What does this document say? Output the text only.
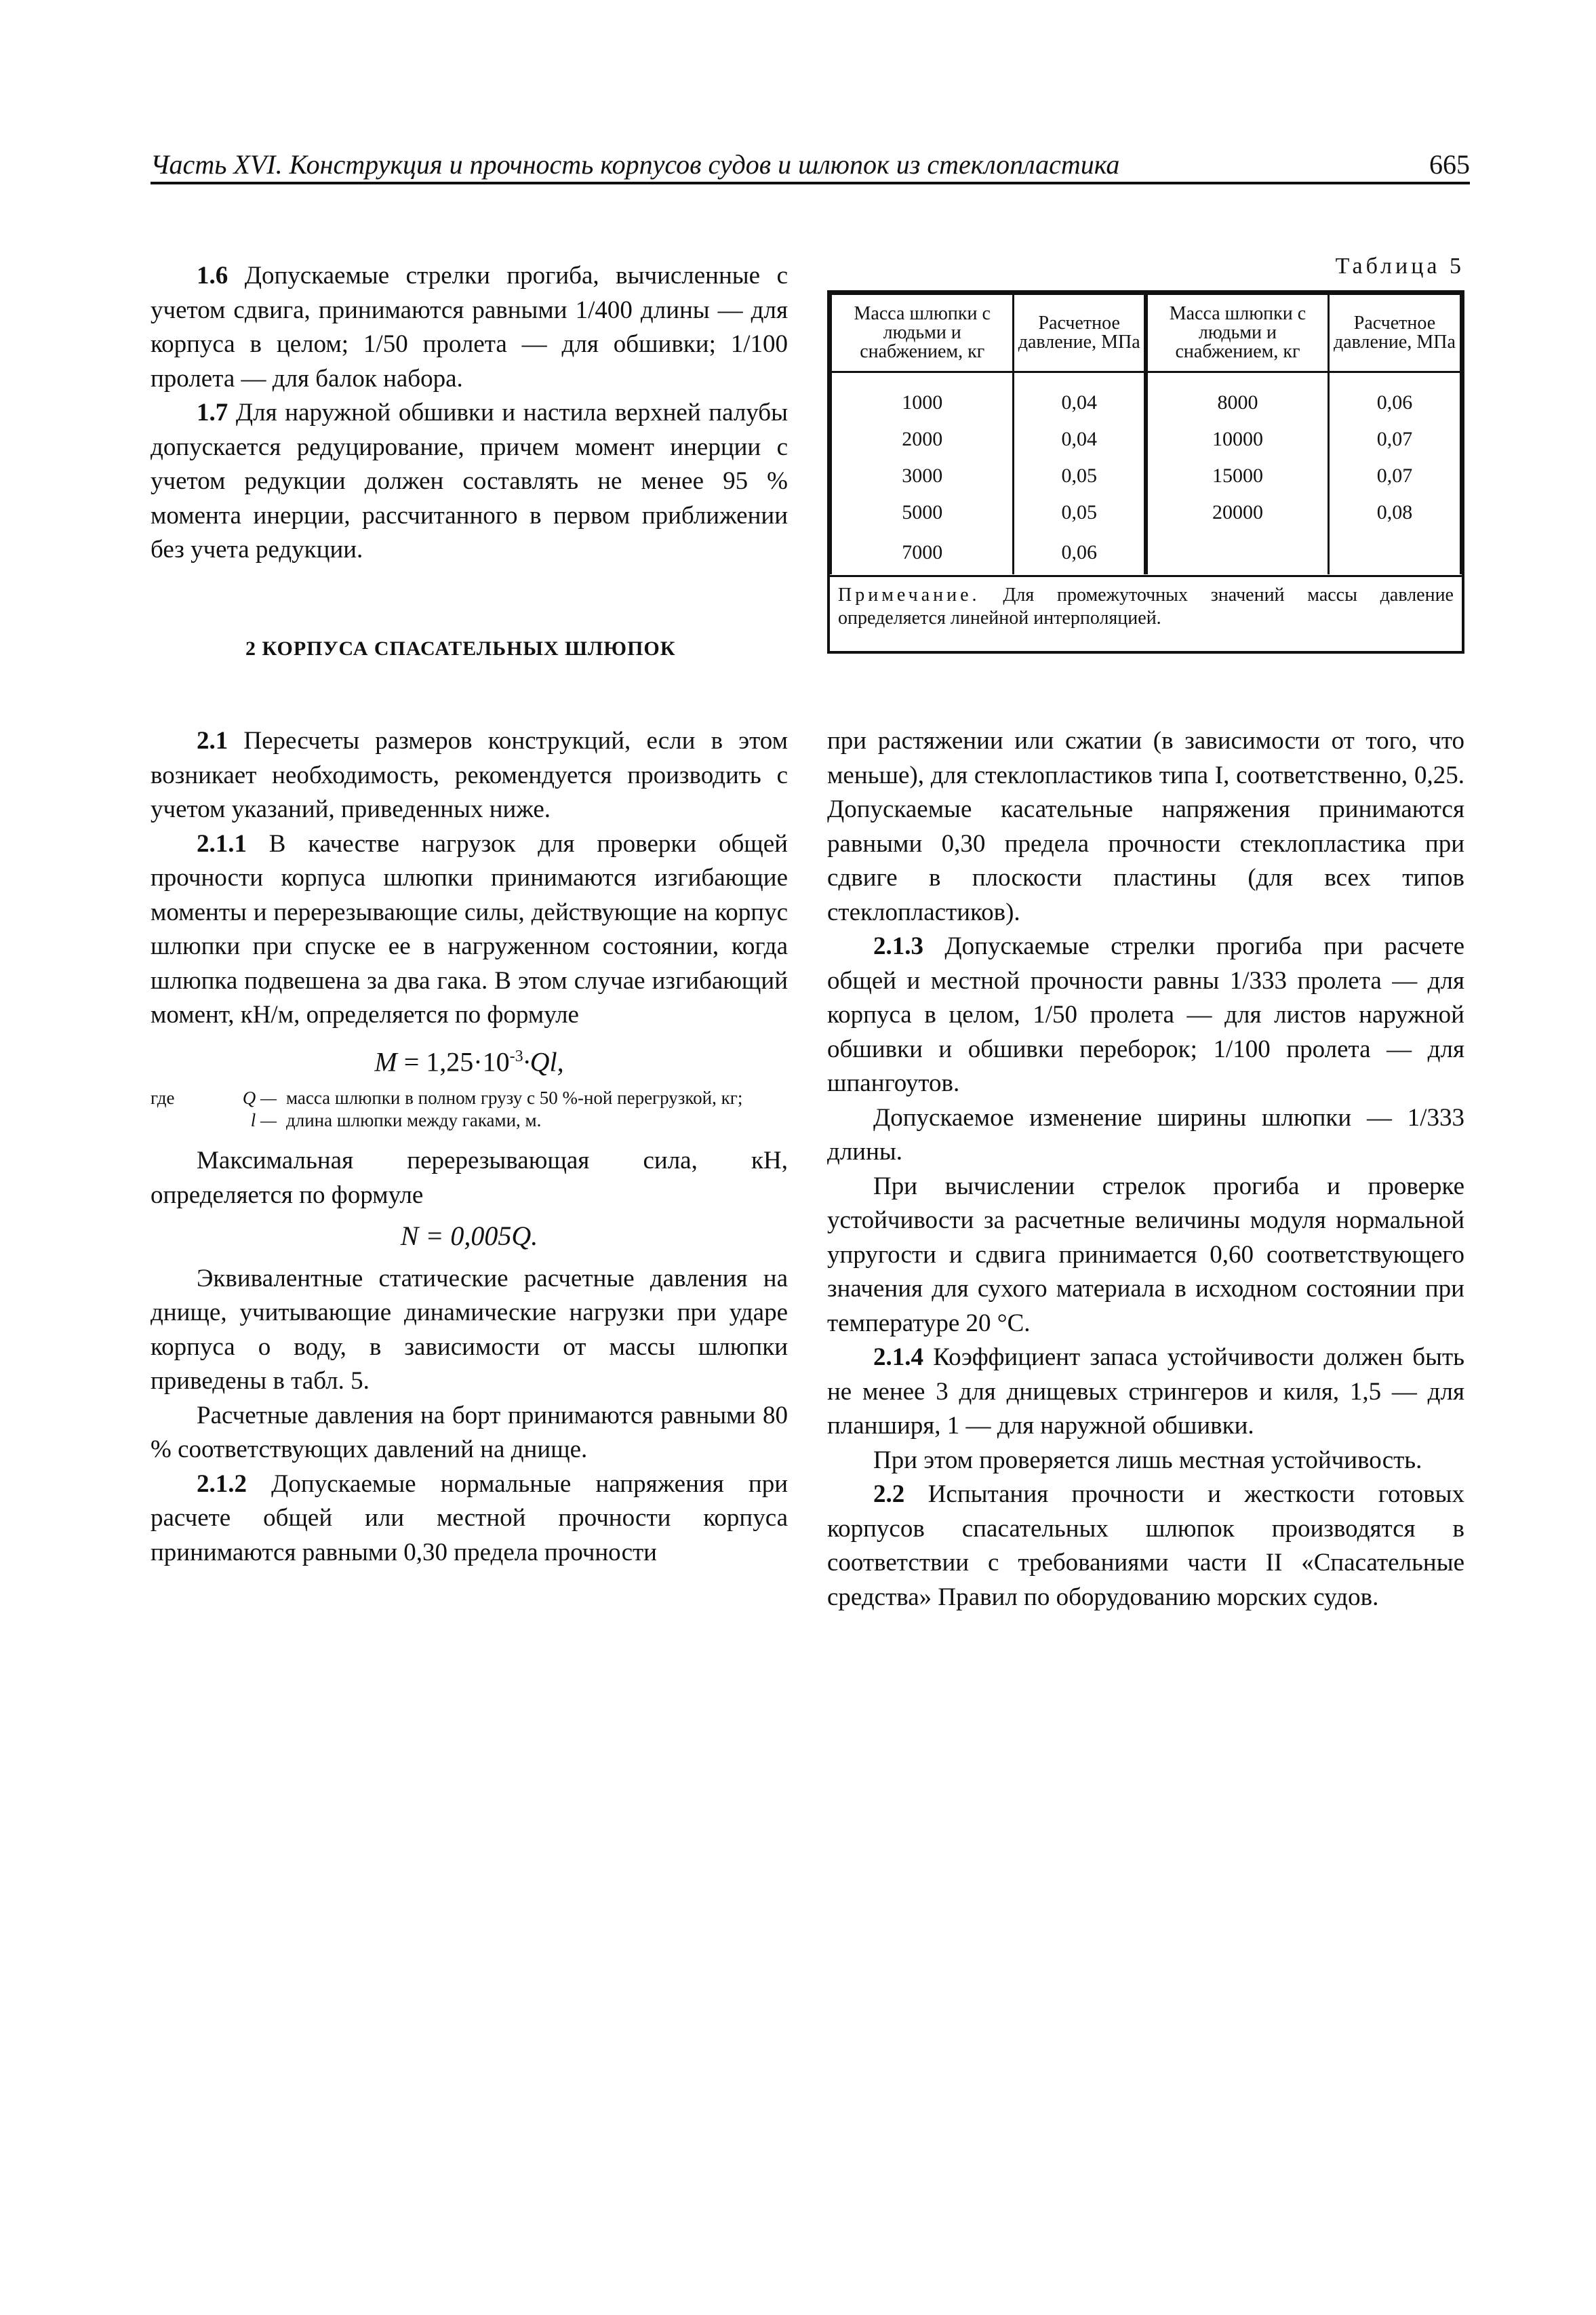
Часть XVI. Конструкция и прочность корпусов судов и шлюпок из стеклопластика	665

1.6 Допускаемые стрелки прогиба, вычисленные с учетом сдвига, принимаются равными 1/400 длины — для корпуса в целом; 1/50 пролета — для обшивки; 1/100 пролета — для балок набора.

1.7 Для наружной обшивки и настила верхней палубы допускается редуцирование, причем момент инерции с учетом редукции должен составлять не менее 95 % момента инерции, рассчитанного в первом приближении без учета редукции.

2 КОРПУСА СПАСАТЕЛЬНЫХ ШЛЮПОК
Таблица 5
Масса шлюпки с людьми и снабжением, кг	Расчетное давление, МПа	Масса шлюпки с людьми и снабжением, кг	Расчетное давление, МПа
1000	0,04	8000	0,06
2000	0,04	10000	0,07
3000	0,05	15000	0,07
5000	0,05	20000	0,08
7000	0,06		
Примечание. Для промежуточных значений массы давление определяется линейной интерполяцией.

2.1 Пересчеты размеров конструкций, если в этом возникает необходимость, рекомендуется производить с учетом указаний, приведенных ниже.

2.1.1 В качестве нагрузок для проверки общей прочности корпуса шлюпки принимаются изгибающие моменты и перерезывающие силы, действующие на корпус шлюпки при спуске ее в нагруженном состоянии, когда шлюпка подвешена за два гака. В этом случае изгибающий момент, кН/м, определяется по формуле

$M = 1,25\cdot 10^{-3}\cdot Ql$,

где	Q — масса шлюпки в полном грузу с 50 %-ной перегрузкой, кг;
l — длина шлюпки между гаками, м.

Максимальная перерезывающая сила, кН, определяется по формуле

N = 0,005Q.

Эквивалентные статические расчетные давления на днище, учитывающие динамические нагрузки при ударе корпуса о воду, в зависимости от массы шлюпки приведены в табл. 5.

Расчетные давления на борт принимаются равными 80 % соответствующих давлений на днище.

2.1.2 Допускаемые нормальные напряжения при расчете общей или местной прочности корпуса принимаются равными 0,30 предела прочности

при растяжении или сжатии (в зависимости от того, что меньше), для стеклопластиков типа I, соответственно, 0,25. Допускаемые касательные напряжения принимаются равными 0,30 предела прочности стеклопластика при сдвиге в плоскости пластины (для всех типов стеклопластиков).

2.1.3 Допускаемые стрелки прогиба при расчете общей и местной прочности равны 1/333 пролета — для корпуса в целом, 1/50 пролета — для листов наружной обшивки и обшивки переборок; 1/100 пролета — для шпангоутов.

Допускаемое изменение ширины шлюпки — 1/333 длины.

При вычислении стрелок прогиба и проверке устойчивости за расчетные величины модуля нормальной упругости и сдвига принимается 0,60 соответствующего значения для сухого материала в исходном состоянии при температуре 20 °С.

2.1.4 Коэффициент запаса устойчивости должен быть не менее 3 для днищевых стрингеров и киля, 1,5 — для планширя, 1 — для наружной обшивки.

При этом проверяется лишь местная устойчивость.

2.2 Испытания прочности и жесткости готовых корпусов спасательных шлюпок производятся в соответствии с требованиями части II «Спасательные средства» Правил по оборудованию морских судов.
